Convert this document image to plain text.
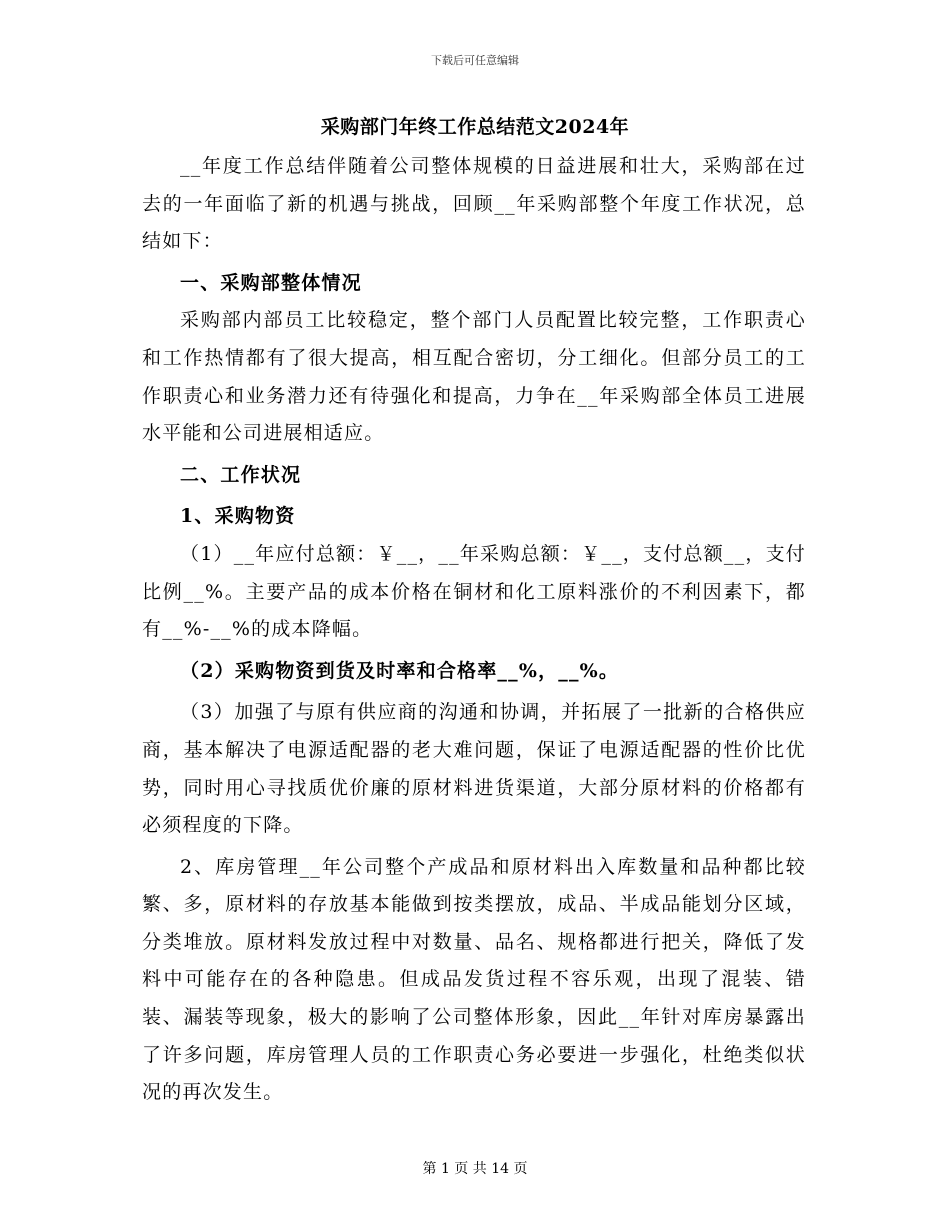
下载后可任意编辑
采购部门年终工作总结范文2024年

__年度工作总结伴随着公司整体规模的日益进展和壮大，采购部在过去的一年面临了新的机遇与挑战，回顾__年采购部整个年度工作状况，总结如下：

一、采购部整体情况

采购部内部员工比较稳定，整个部门人员配置比较完整，工作职责心和工作热情都有了很大提高，相互配合密切，分工细化。但部分员工的工作职责心和业务潜力还有待强化和提高，力争在__年采购部全体员工进展水平能和公司进展相适应。

二、工作状况

1、采购物资

（1）__年应付总额：￥__，__年采购总额：￥__，支付总额__，支付比例__%。主要产品的成本价格在铜材和化工原料涨价的不利因素下，都有__%-__%的成本降幅。

（2）采购物资到货及时率和合格率__%，__%。

（3）加强了与原有供应商的沟通和协调，并拓展了一批新的合格供应商，基本解决了电源适配器的老大难问题，保证了电源适配器的性价比优势，同时用心寻找质优价廉的原材料进货渠道，大部分原材料的价格都有必须程度的下降。

2、库房管理__年公司整个产成品和原材料出入库数量和品种都比较繁、多，原材料的存放基本能做到按类摆放，成品、半成品能划分区域，分类堆放。原材料发放过程中对数量、品名、规格都进行把关，降低了发料中可能存在的各种隐患。但成品发货过程不容乐观，出现了混装、错装、漏装等现象，极大的影响了公司整体形象，因此__年针对库房暴露出了许多问题，库房管理人员的工作职责心务必要进一步强化，杜绝类似状况的再次发生。

第 1 页 共 14 页
